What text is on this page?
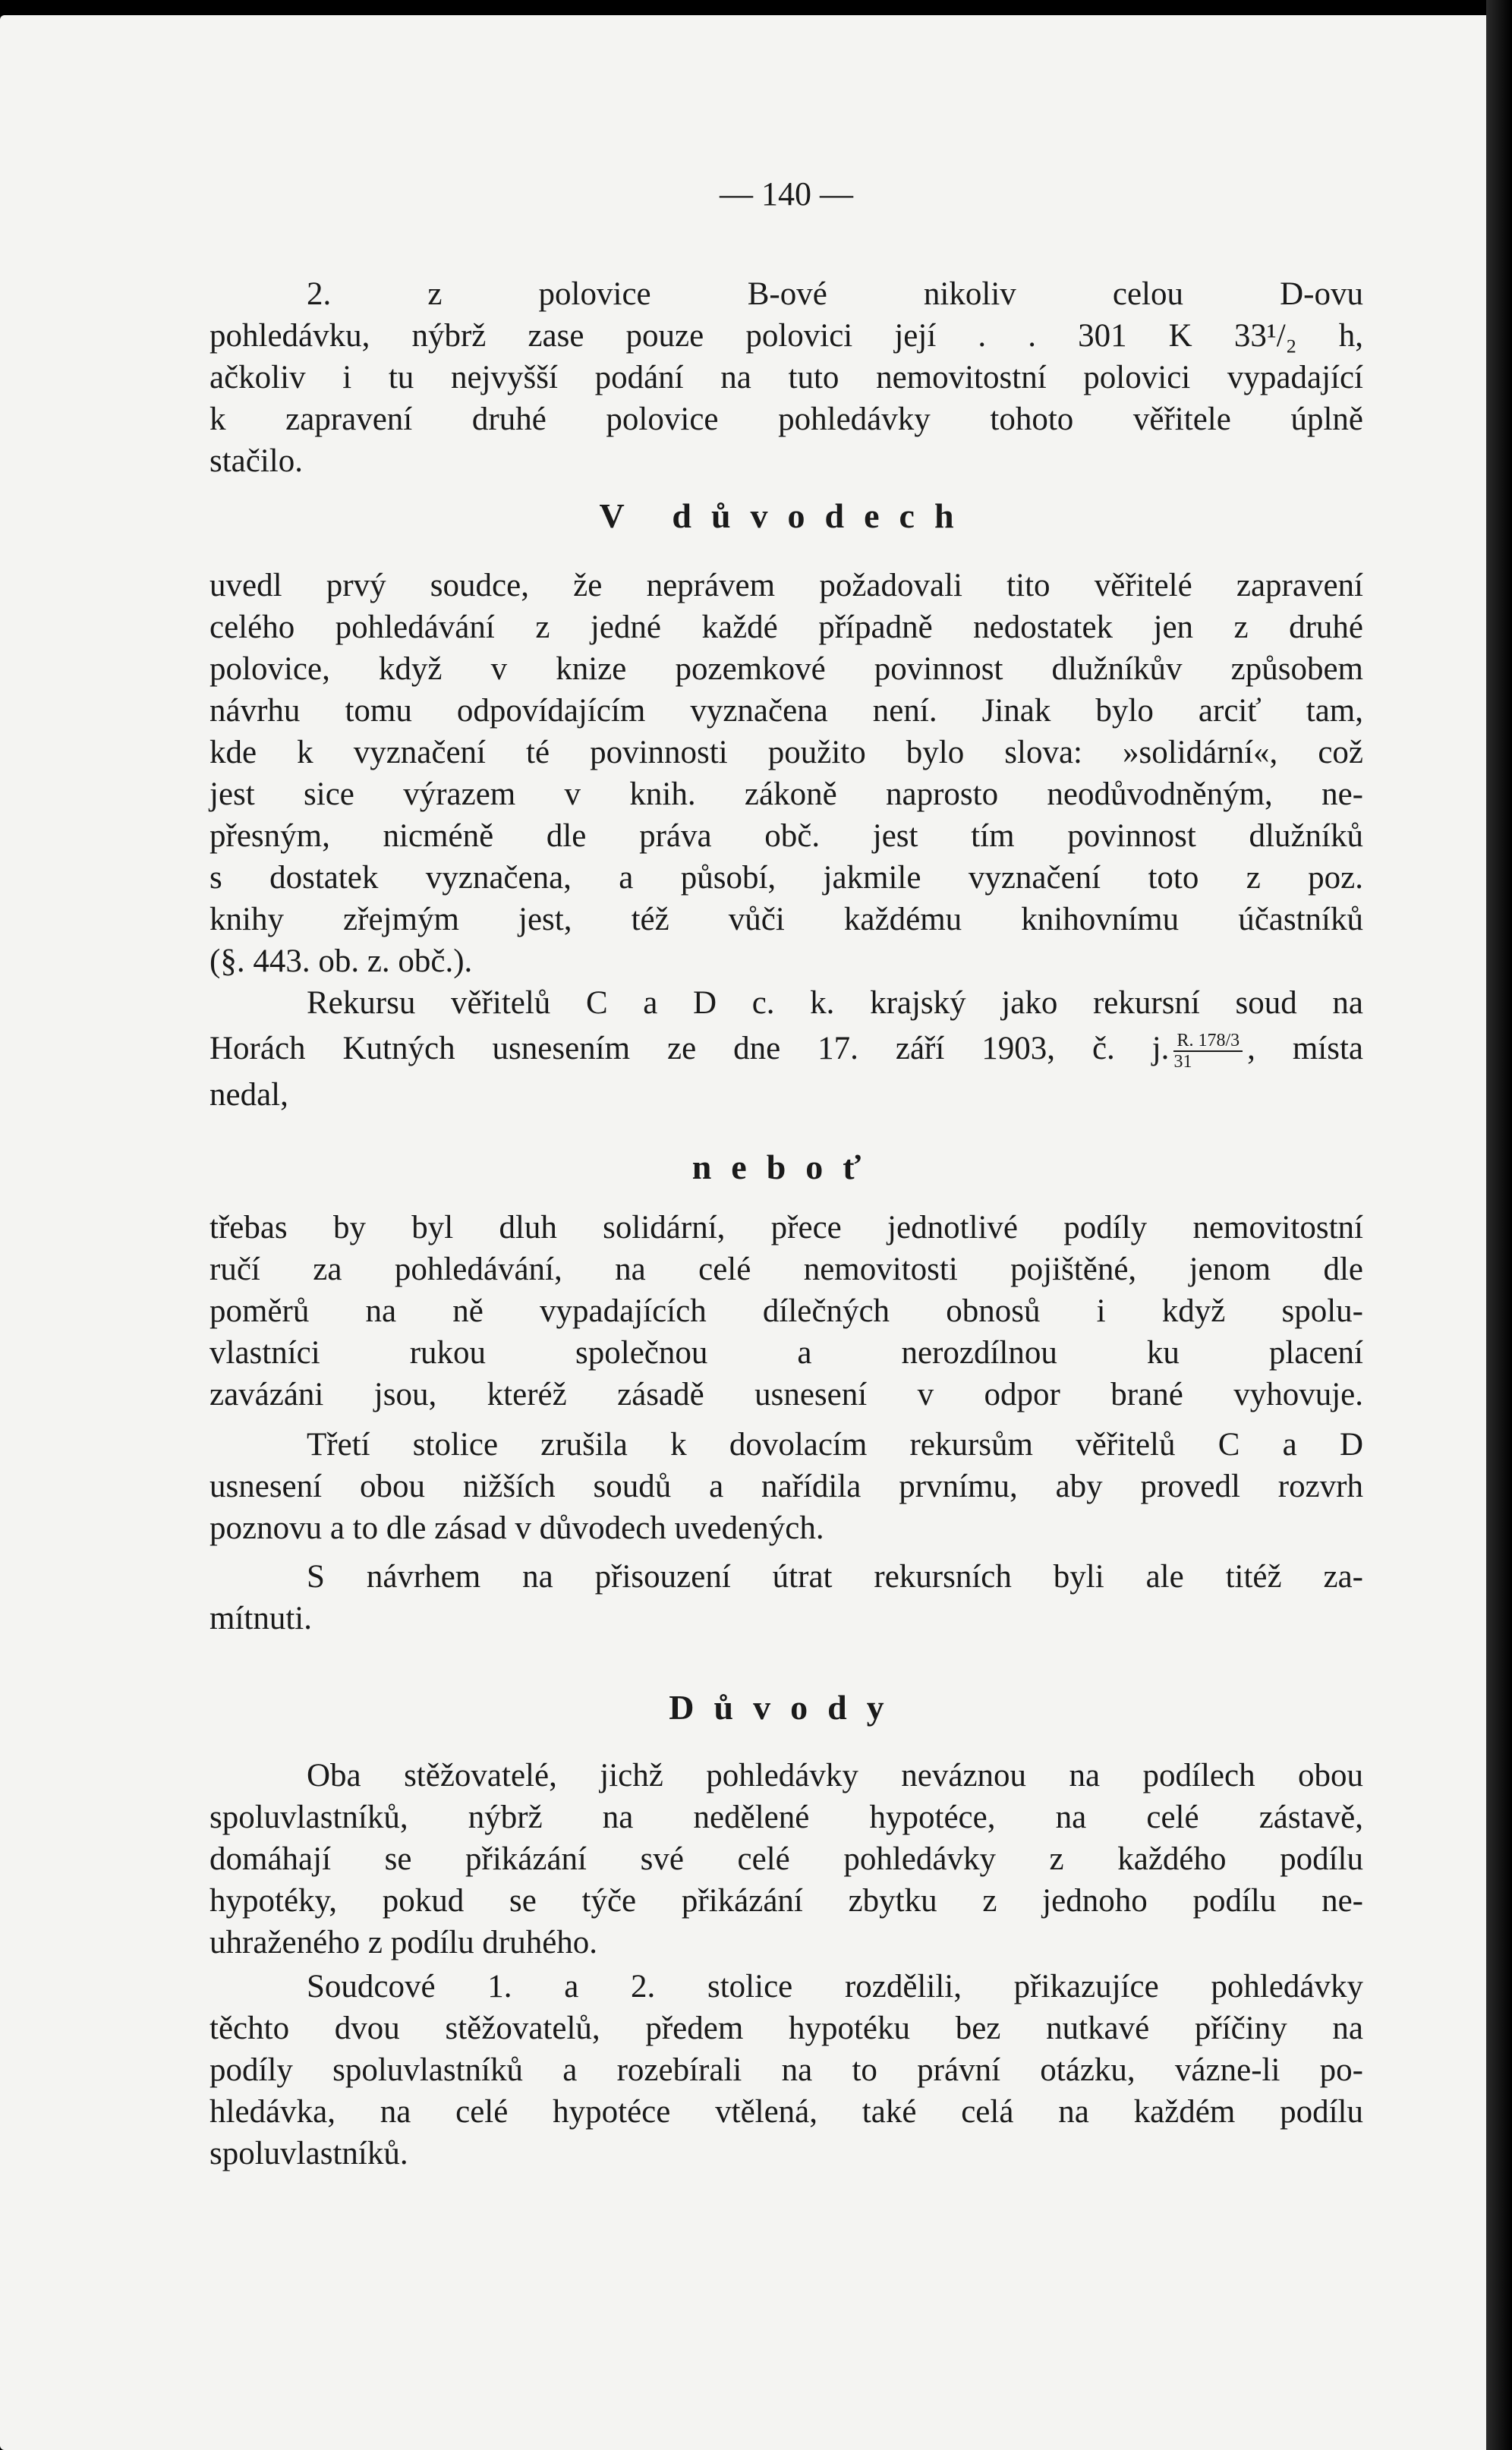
— 140 —
2. z polovice B-ové nikoliv celou D-ovu
pohledávku, nýbrž zase pouze polovici její . . 301 K 33¹/₂ h,
ačkoliv i tu nejvyšší podání na tuto nemovitostní polovici vypadající
k zapravení druhé polovice pohledávky tohoto věřitele úplně
stačilo.
V důvodech
uvedl prvý soudce, že neprávem požadovali tito věřitelé zapravení
celého pohledávání z jedné každé případně nedostatek jen z druhé
polovice, když v knize pozemkové povinnost dlužníkův způsobem
návrhu tomu odpovídajícím vyznačena není. Jinak bylo arciť tam,
kde k vyznačení té povinnosti použito bylo slova: »solidární«, což
jest sice výrazem v knih. zákoně naprosto neodůvodněným, ne-
přesným, nicméně dle práva obč. jest tím povinnost dlužníků
s dostatek vyznačena, a působí, jakmile vyznačení toto z poz.
knihy zřejmým jest, též vůči každému knihovnímu účastníků
(§. 443. ob. z. obč.).
Rekursu věřitelů C a D c. k. krajský jako rekursní soud na
Horách Kutných usnesením ze dne 17. září 1903, č. j. $\frac{R. 178/3}{31}$ , místa
nedal,
neboť
třebas by byl dluh solidární, přece jednotlivé podíly nemovitostní
ručí za pohledávání, na celé nemovitosti pojištěné, jenom dle
poměrů na ně vypadajících dílečných obnosů i když spolu-
vlastníci rukou společnou a nerozdílnou ku placení
zavázáni jsou, kteréž zásadě usnesení v odpor brané vyhovuje.
Třetí stolice zrušila k dovolacím rekursům věřitelů C a D
usnesení obou nižších soudů a nařídila prvnímu, aby provedl rozvrh
poznovu a to dle zásad v důvodech uvedených.
S návrhem na přisouzení útrat rekursních byli ale titéž za-
mítnuti.
Důvody
Oba stěžovatelé, jichž pohledávky neváznou na podílech obou
spoluvlastníků, nýbrž na nedělené hypotéce, na celé zástavě,
domáhají se přikázání své celé pohledávky z každého podílu
hypotéky, pokud se týče přikázání zbytku z jednoho podílu ne-
uhraženého z podílu druhého.
Soudcové 1. a 2. stolice rozdělili, přikazujíce pohledávky
těchto dvou stěžovatelů, předem hypotéku bez nutkavé příčiny na
podíly spoluvlastníků a rozebírali na to právní otázku, vázne-li po-
hledávka, na celé hypotéce vtělená, také celá na každém podílu
spoluvlastníků.
